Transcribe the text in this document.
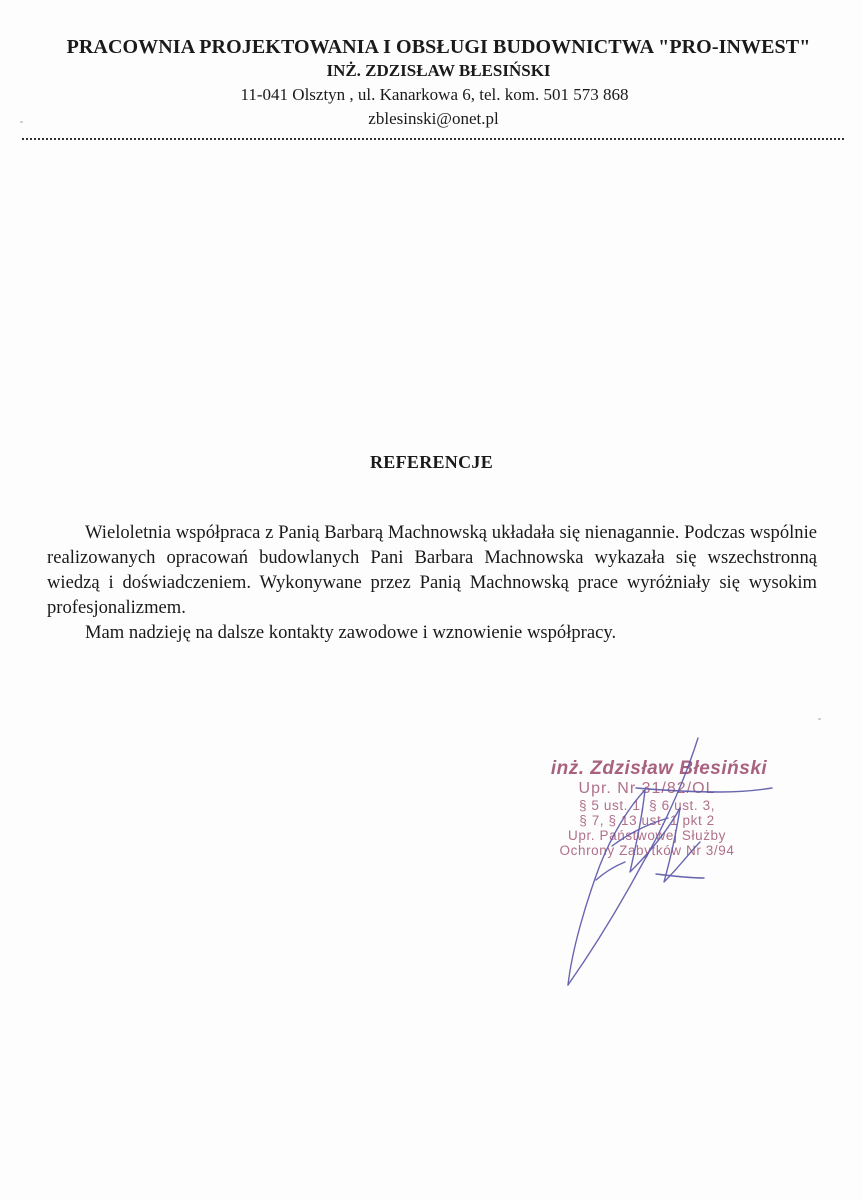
PRACOWNIA PROJEKTOWANIA I OBSŁUGI BUDOWNICTWA "PRO-INWEST"
INŻ. ZDZISŁAW BŁESIŃSKI
11-041 Olsztyn , ul. Kanarkowa 6, tel. kom. 501 573 868
zblesinski@onet.pl
REFERENCJE

Wieloletnia współpraca z Panią Barbarą Machnowską układała się nienagannie. Podczas wspólnie realizowanych opracowań budowlanych Pani Barbara Machnowska wykazała się wszechstronną wiedzą i doświadczeniem. Wykonywane przez Panią Machnowską prace wyróżniały się wysokim profesjonalizmem.

Mam nadzieję na dalsze kontakty zawodowe i wznowienie współpracy.

inż. Zdzisław Błesiński
Upr. Nr 31/82/OL
§ 5 ust. 1, § 6 ust. 3,
§ 7, § 13 ust. 1 pkt 2
Upr. Państwowej Służby
Ochrony Zabytków Nr 3/94
